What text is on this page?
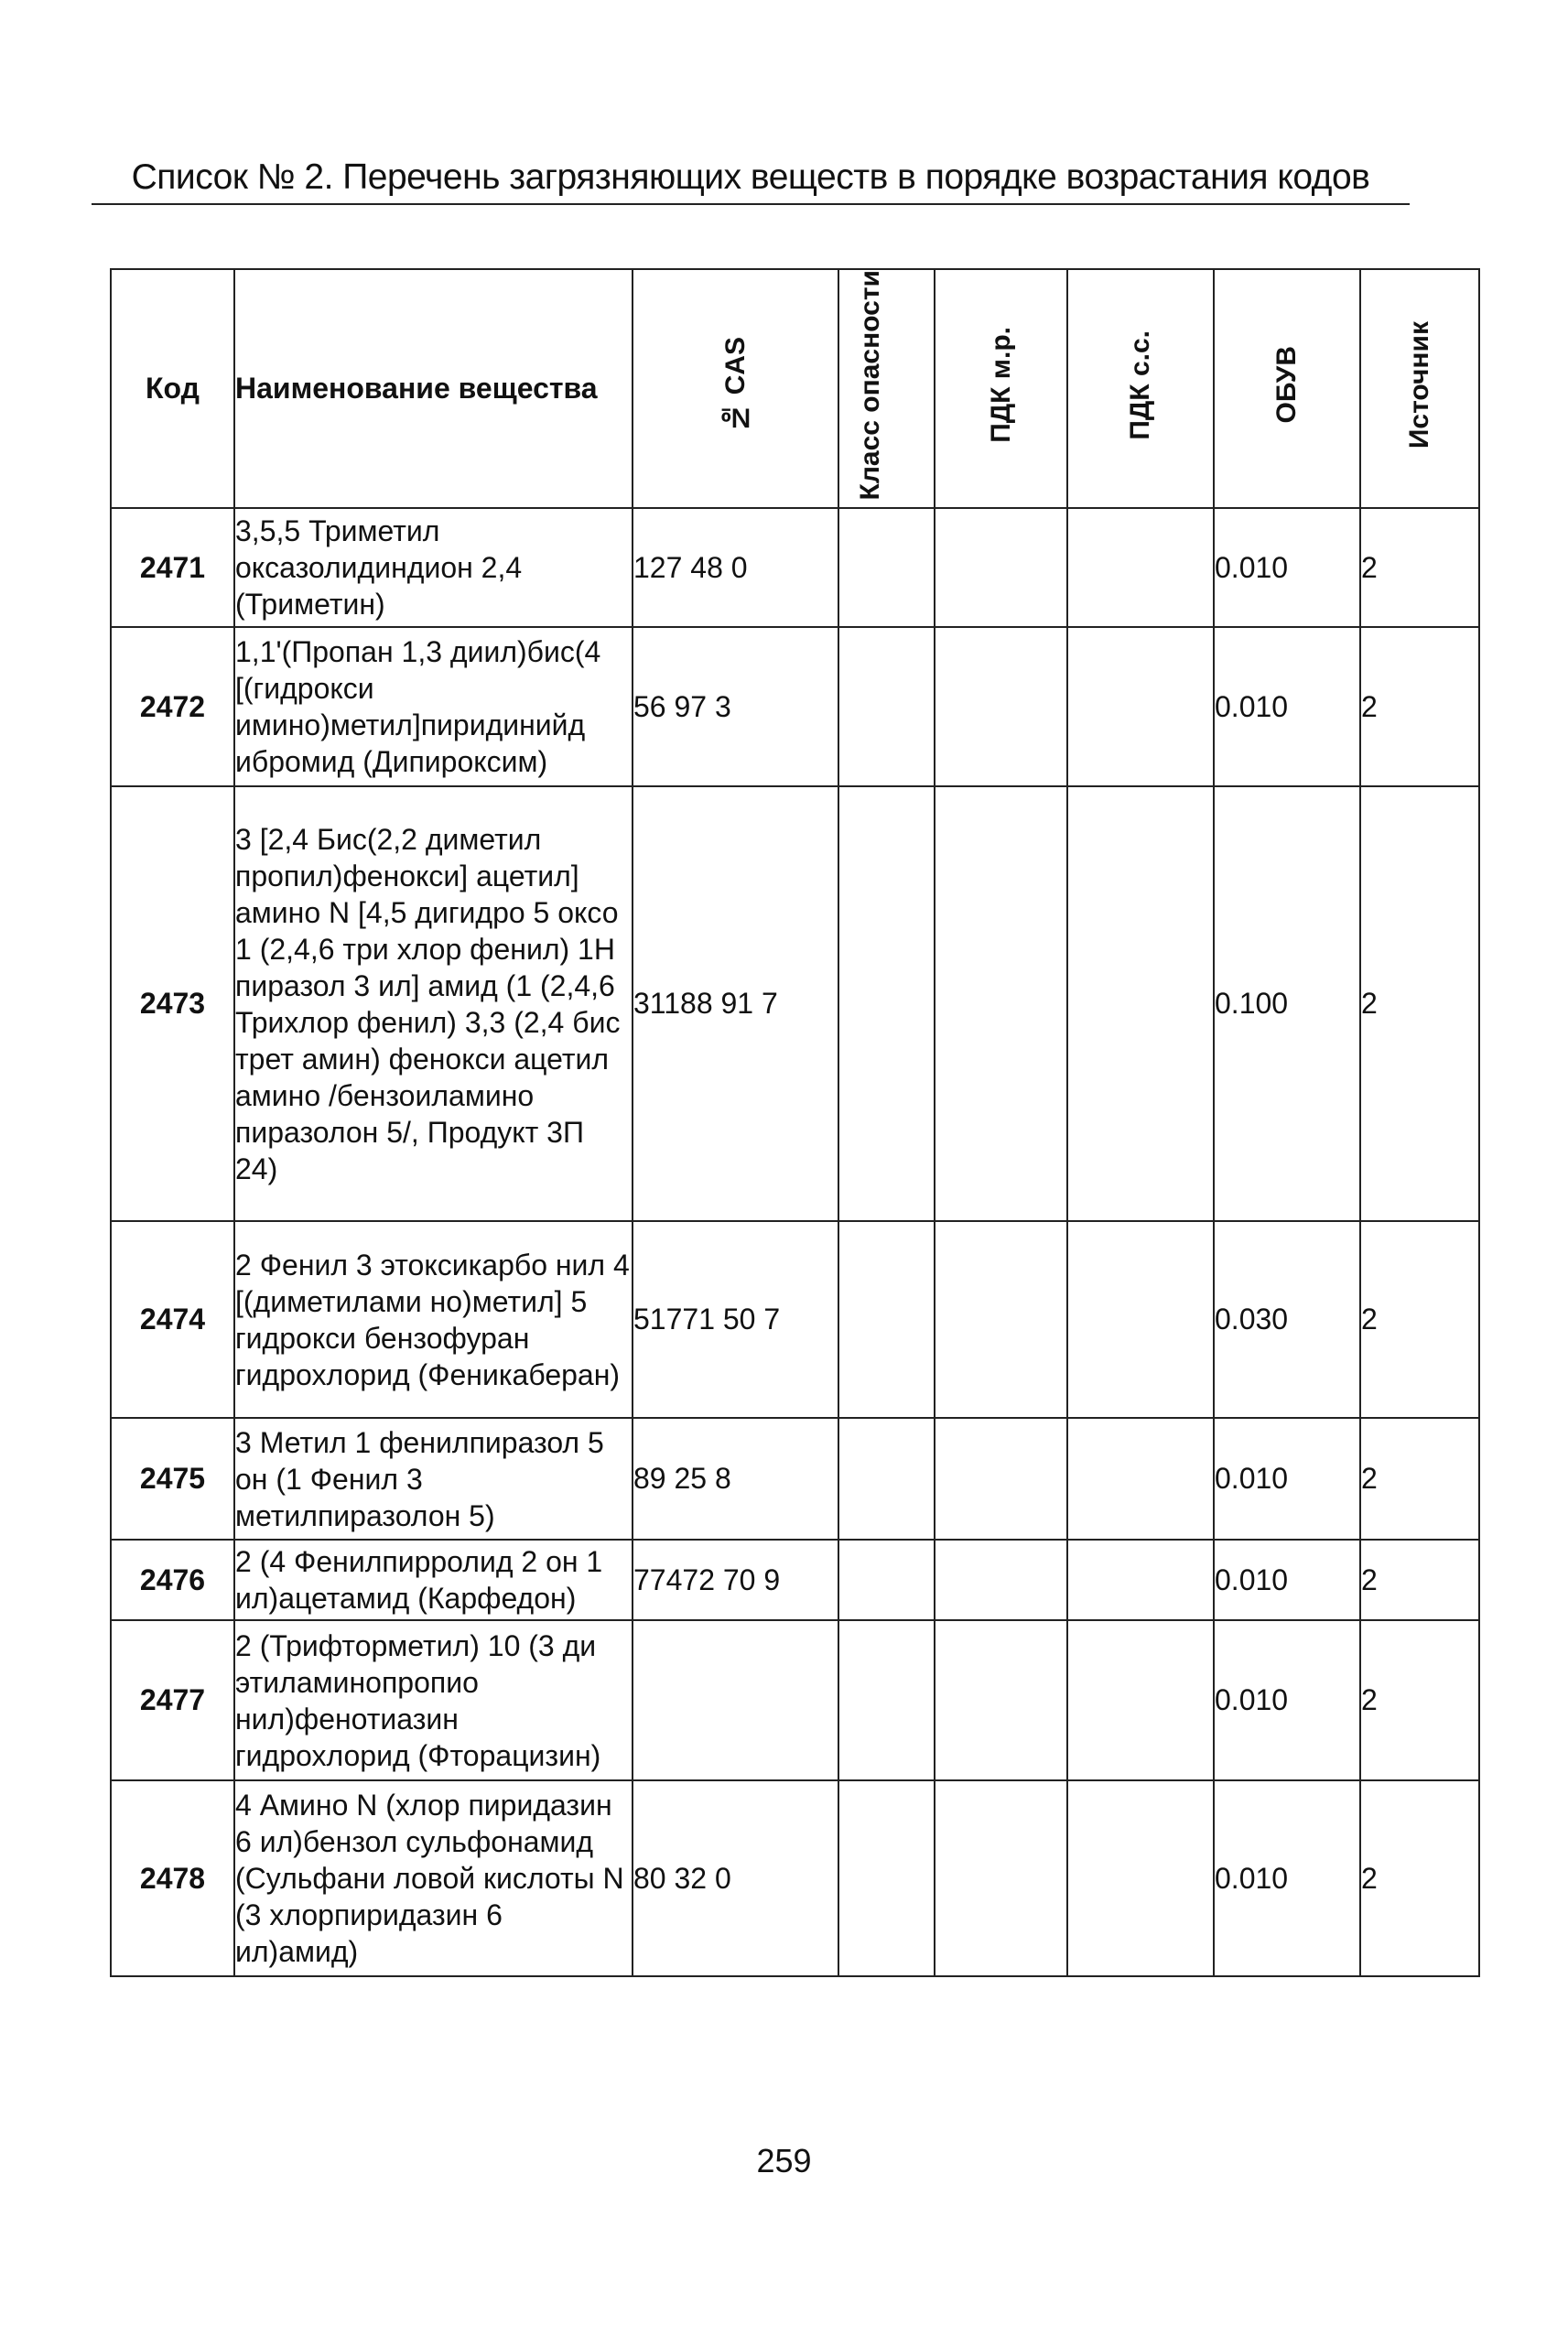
Список № 2. Перечень загрязняющих веществ в порядке возрастания кодов
Код	Наименование вещества	№ CAS	Класс опасности	ПДК м.р.	ПДК с.с.	ОБУВ	Источник
2471	3,5,5 Триметил оксазолидиндион 2,4 (Триметин)	127 48 0				0.010	2
2472	1,1'(Пропан 1,3 диил)бис(4 [(гидрокси имино)метил]пиридинийд ибромид (Дипироксим)	56 97 3				0.010	2
2473	3 [2,4 Бис(2,2 диметил пропил)фенокси] ацетил] амино N [4,5 дигидро 5 оксо 1 (2,4,6 три хлор фенил) 1Н пиразол 3 ил] амид (1 (2,4,6 Трихлор фенил) 3,3 (2,4 бис трет амин) фенокси ацетил амино /бензоиламино пиразолон 5/, Продукт 3П 24)	31188 91 7				0.100	2
2474	2 Фенил 3 этоксикарбо нил 4 [(диметилами но)метил] 5 гидрокси бензофуран гидрохлорид (Феникаберан)	51771 50 7				0.030	2
2475	3 Метил 1 фенилпиразол 5 он (1 Фенил 3 метилпиразолон 5)	89 25 8				0.010	2
2476	2 (4 Фенилпирролид 2 он 1 ил)ацетамид (Карфедон)	77472 70 9				0.010	2
2477	2 (Трифторметил) 10 (3 ди этиламинопропио нил)фенотиазин гидрохлорид (Фторацизин)					0.010	2
2478	4 Амино N (хлор пиридазин 6 ил)бензол сульфонамид (Сульфани ловой кислоты N (3 хлорпиридазин 6 ил)амид)	80 32 0				0.010	2
259
